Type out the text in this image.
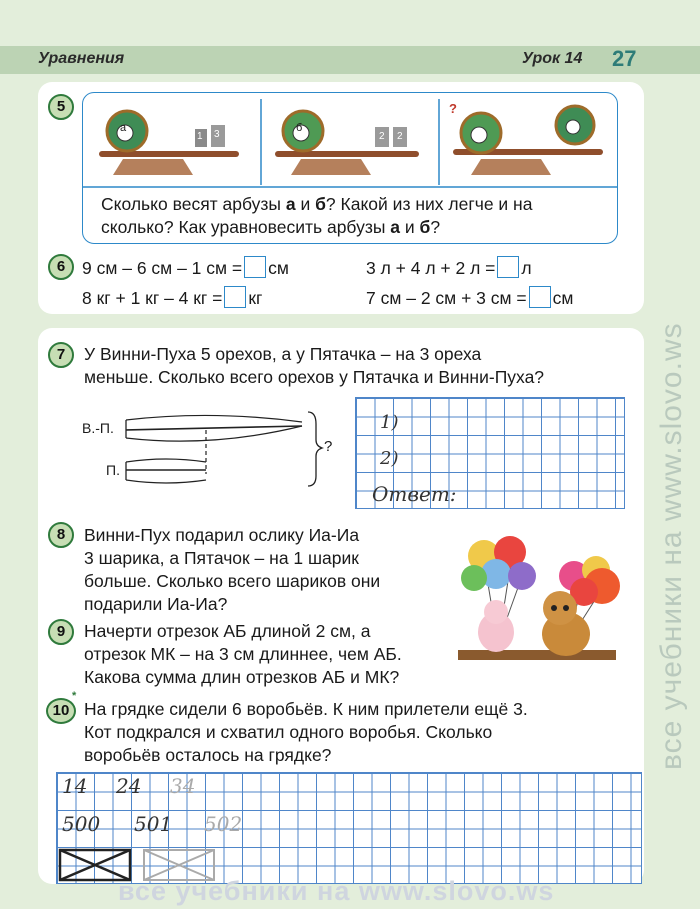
Уравнения	Урок 14 27
5
а	б
?
1 3	2 2
Сколько весят арбузы а и б? Какой из них легче и на
сколько? Как уравновесить арбузы а и б?
6 9 см – 6 см – 1 см = см	3 л + 4 л + 2 л = л
8 кг + 1 кг – 4 кг = кг	7 см – 2 см + 3 см = см
7	У Винни-Пуха 5 орехов, а у Пятачка – на 3 ореха
меньше. Сколько всего орехов у Пятачка и Винни-Пуха?
В.-П.
П.
?
1)
2)
Ответ:
8	Винни-Пух подарил ослику Иа-Иа
3 шарика, а Пятачок – на 1 шарик
больше. Сколько всего шариков они
подарили Иа-Иа?
9	Начерти отрезок АБ длиной 2 см, а
отрезок МК – на 3 см длиннее, чем АБ.
Какова сумма длин отрезков АБ и МК?
10
*
На грядке сидели 6 воробьёв. К ним прилетели ещё 3.
Кот подкрался и схватил одного воробья. Сколько
воробьёв осталось на грядке?
14 24 34
500 501 502
все учебники на www.slovo.ws
все учебники на www.slovo.ws
